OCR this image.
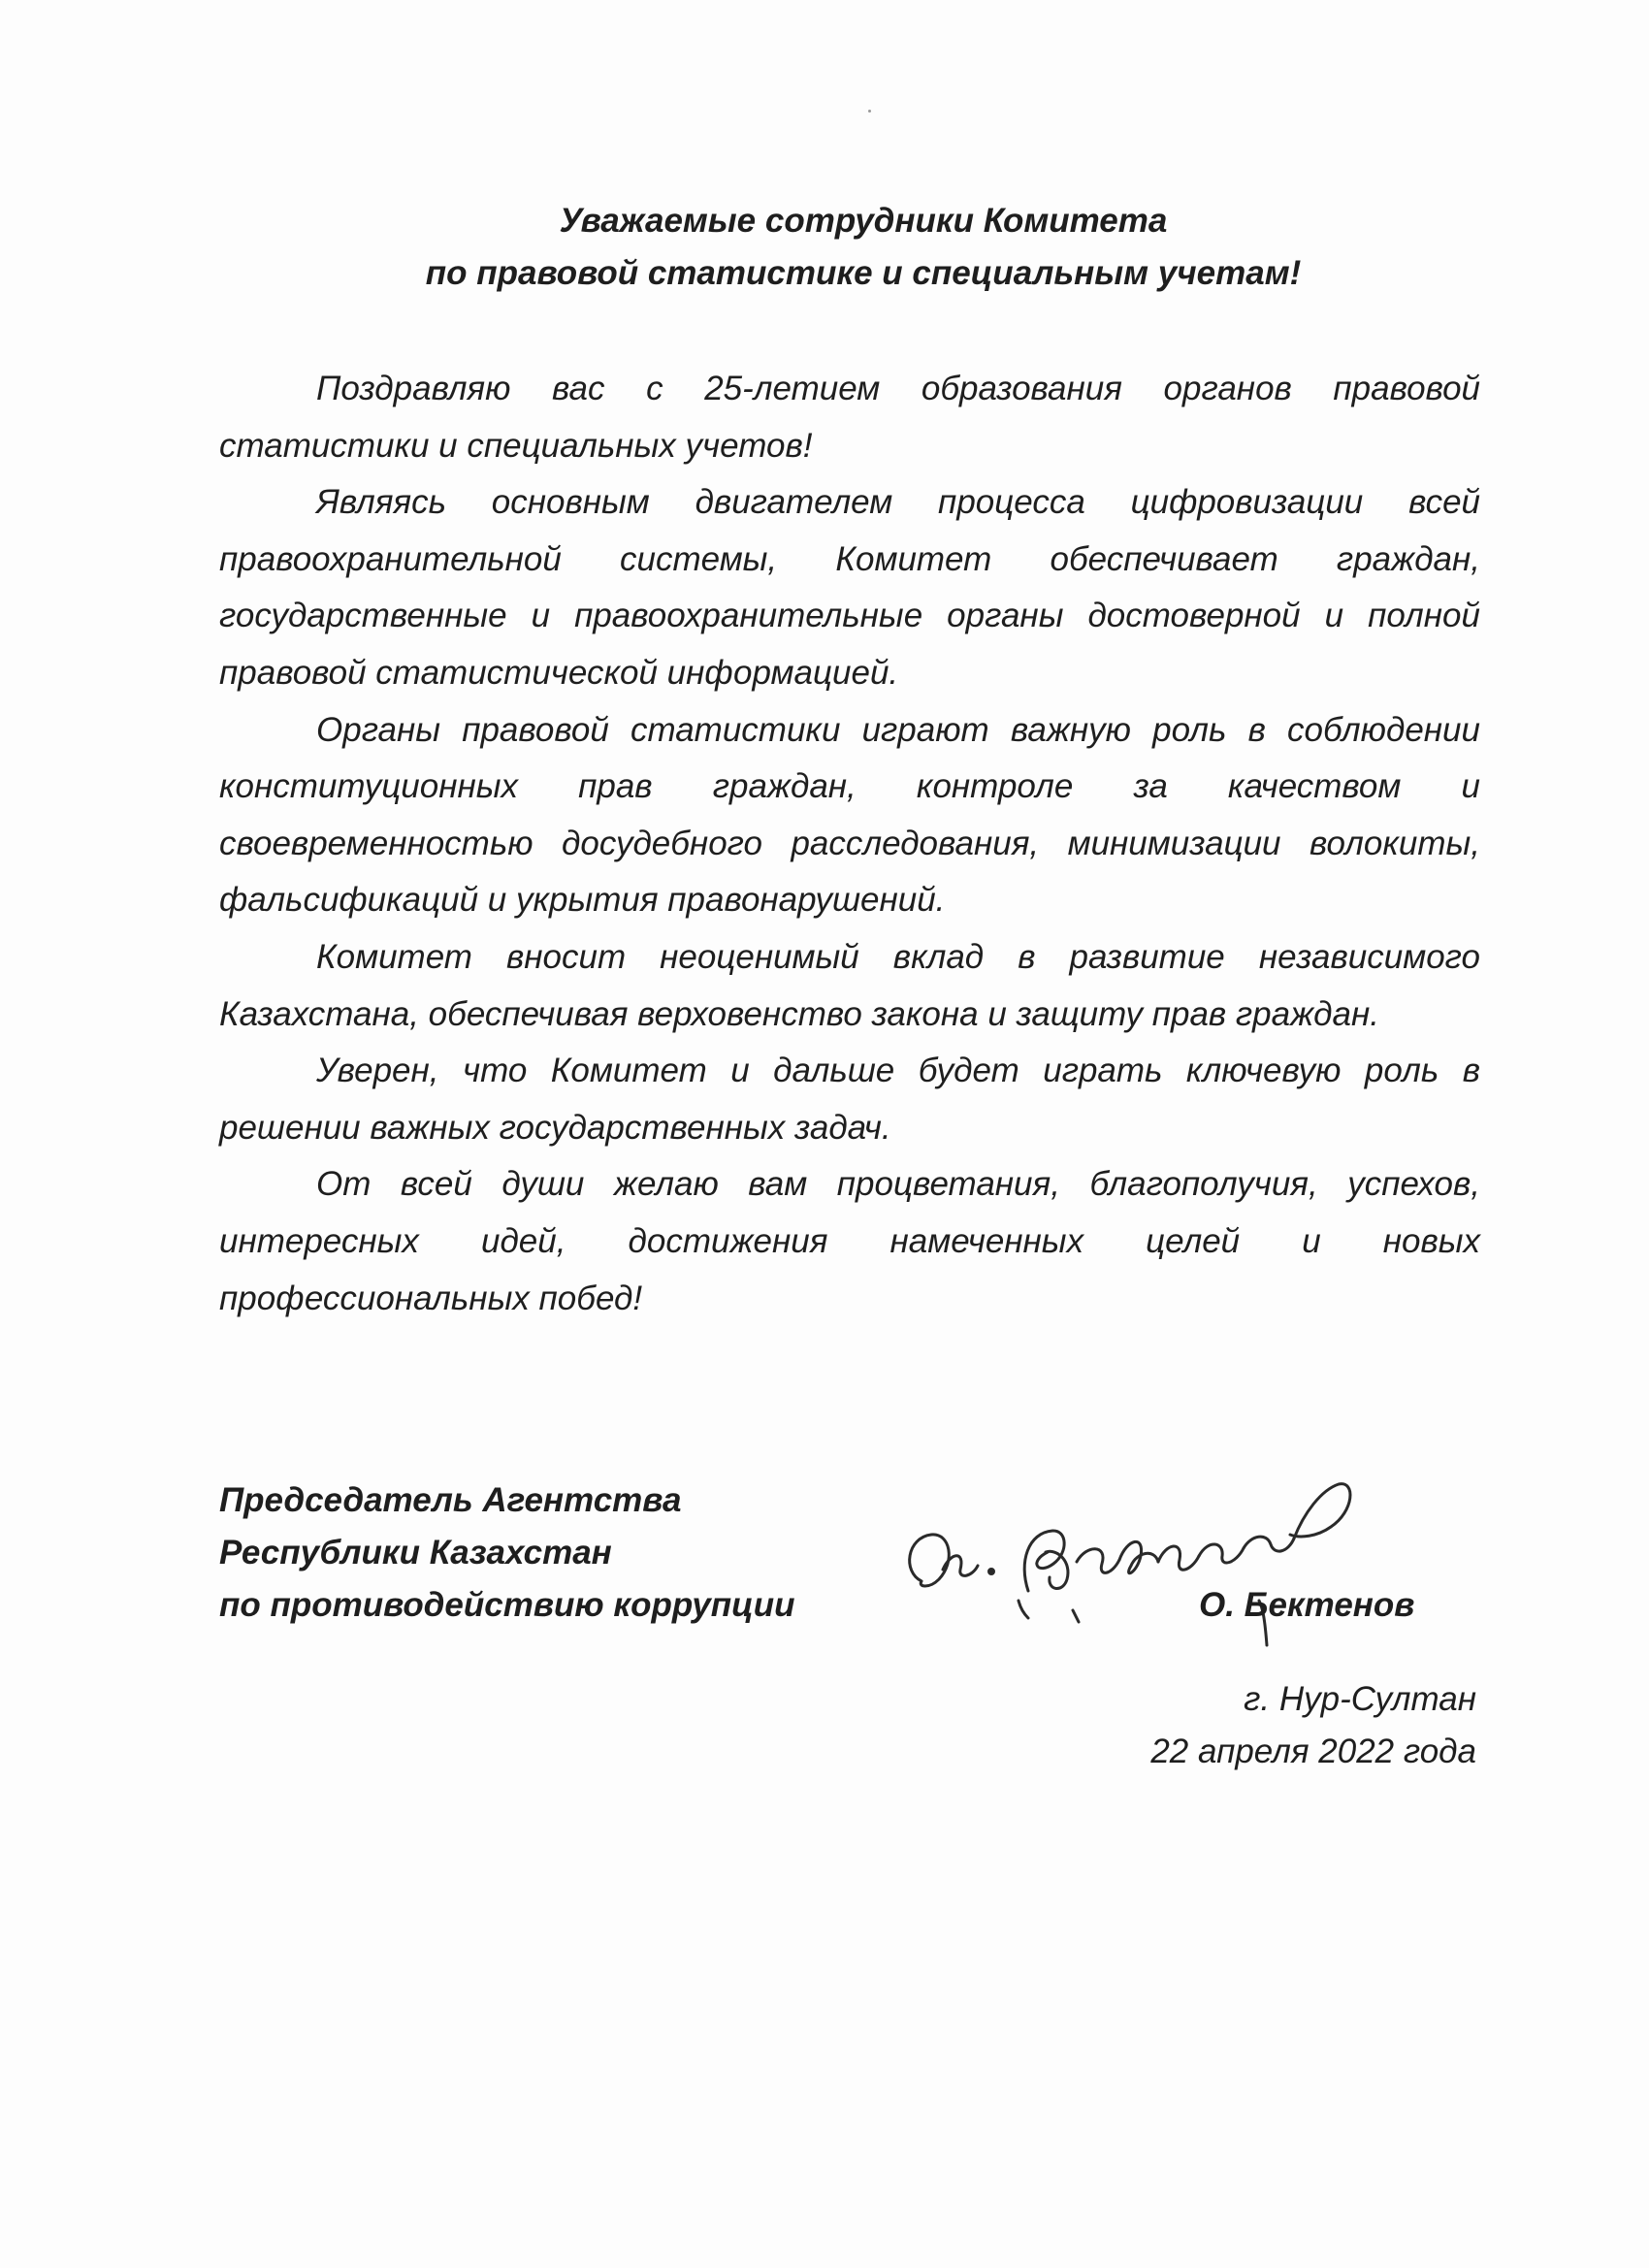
Уважаемые сотрудники Комитета
по правовой статистике и специальным учетам!

Поздравляю вас с 25-летием образования органов правовой статистики и специальных учетов!

Являясь основным двигателем процесса цифровизации всей правоохранительной системы, Комитет обеспечивает граждан, государственные и правоохранительные органы достоверной и полной правовой статистической информацией.

Органы правовой статистики играют важную роль в соблюдении конституционных прав граждан, контроле за качеством и своевременностью досудебного расследования, минимизации волокиты, фальсификаций и укрытия правонарушений.

Комитет вносит неоценимый вклад в развитие независимого Казахстана, обеспечивая верховенство закона и защиту прав граждан.

Уверен, что Комитет и дальше будет играть ключевую роль в решении важных государственных задач.

От всей души желаю вам процветания, благополучия, успехов, интересных идей, достижения намеченных целей и новых профессиональных побед!

Председатель Агентства
Республики Казахстан
по противодействию коррупции	О. Бектенов
г. Нур-Султан
22 апреля 2022 года
